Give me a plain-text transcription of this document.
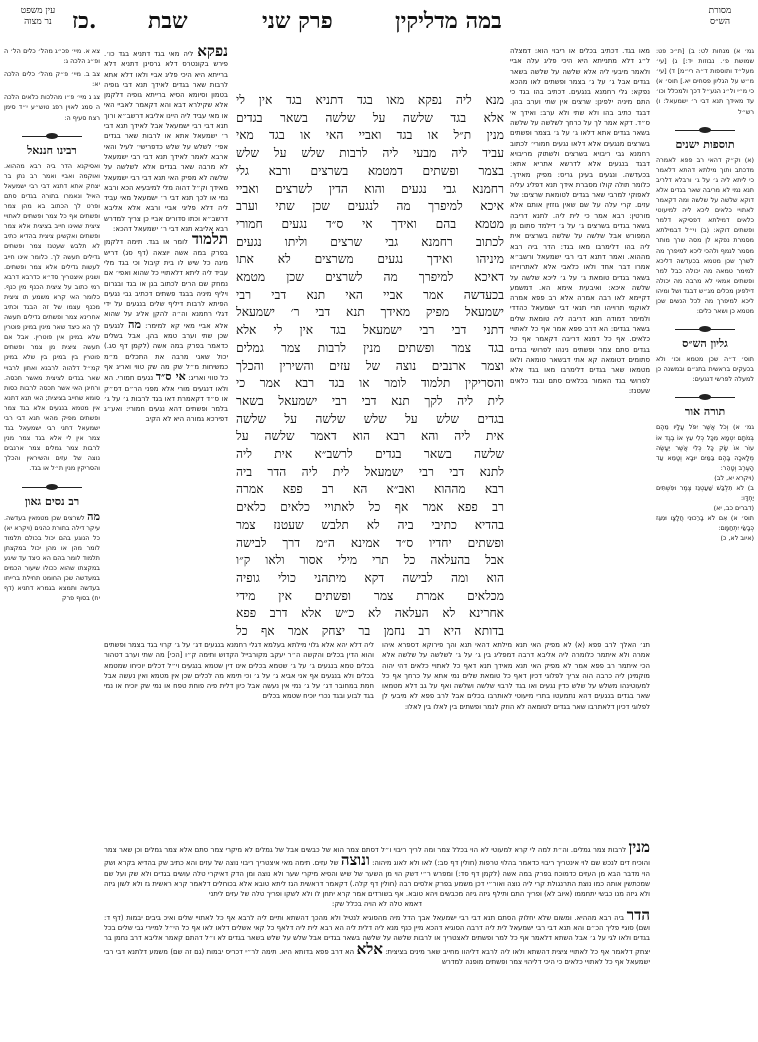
מסורת
הש״ס
במה מדליקין
פרק שני
שבת
כז.
עין משפט
נר מצוה

צא א. מיי׳ פכ״ג מהל׳ כלים הל׳ ה ופ״ג הלכה ג:

צב ב. מיי׳ פ״ק מהל׳ כלים הלכה יא:

צג ג מיי׳ פ״ו מהלכות כלאים הלכה ה סמג לאוין רפג טוש״ע י״ד סימן רצח סעיף ה:

רבינו חננאל

ואסיקנא הדר ביה רבא מההוא. ואוקמה ואביי ואמר רב נתן בר יצחק אתא דתנא דבי רבי ישמעאל האיל ונאמרו בתורה בגדים סתם ופרט לך הכתוב בא מהן צמר ופשתים אף כל צמר ופשתים לאתויי ציצית שאינו חייב בציצית אלא צמר ופשתים ואקשינן ציצית בהדיא כתיב לא תלבש שעטנז צמר ופשתים גדילים תעשה לך. כלומר אינו חייב לעשות גדילים אלא צמר ופשתים. ושנינן איצטריך סד״א כדרבא דרבא רמי כתוב על ציצית הכנף מין כנף. כלומר האי קרא משמע תו ציצית מכנף עצמו של זה הבגד וכתיב אחרינא צמר ופשתים גדילים תעשה לך הא כיצד שאר מינין במינן פוטרין שלא במינן אין פוטרין. אבל אם תעשה ציצית מן צמר ופשתים פוטרין בין במינן בין שלא במינן קמ״ל דלהוה לרבנא ואתון לרבויי שאר בגדים לציצית מאשר תכסה. ורחינן האי אשר תכסה לרבות כסות סומא שחייב בציצית; האי תנא דתנא אין מטמא בנגעים אלא בגד צמר ופשתים מפיק מהאי תנא דבי רבי ישמעאל דתני רבי ישמעאל בגד צמר אין לי אלא בגד צמר מנין לרבות צמר גמלים צמר ארנבים נוצה של עזים והשיראין והכלך והסריקין מנין ת״ל או בגד.

רב נסים גאון

מה לשרצים שכן מטמאין בעדשה. עיקר דילה בתורת כהנים (ויקרא יא) כל הנוגע בהם יכול בכולם תלמוד לומר מהן או מהן יכול במקצתן תלמוד לומר בהם הא כיצד עד שיגע במקצתו שהוא ככולו שיעור הכמים במעדשה שכן החומט תחילת ברייתו בעדשה ותמצא בגמרא דתניא (דף יח) בסוף פרק

נפקא ליה מאי בגד דתניא בגד כו׳. פירש בקונטרס דלא גרסינן דתניא דלא ברייתא היא היכי פליג אביי ולאו דלא אתא לרבות שאר בגדים לאידך תנא דבי גופיה בטמון וסיומא הסיא ברייתא גופיה דלקמן אלא שקילרא דבא והא דקאמר לאביי האי או מאי עביד ליה היינו אליבא דרשב״א ורוך תנא דבי רבי ישמעאל אבל לאידך תנא דבי ר׳ ישמעאל אתא או לרבות שאר בגדים אפי׳ לשלש על שלש כדפרישי׳ לעיל והאי ארבא לאמר לאידך תנא דבי רבי ישמעאל לא מרבה שאר בגדים אלא לשלשה על שלשה לא מפיק האי תנא דבי רבי ישמעאל מאידך וק״ל דהוה מלי למיבעיא הכא ורבא נמי או לכך תנא דבי ר׳ ישמעאל מאי עביד ליה דלא פליגי אביי ורבא אלא אליבא דרשב״א וכתו סדורים אביי כן צריך למדרש רבא אליבא תנא דבי ר׳ ישמעאל דהכא:

תלמוד לומר או בגד. תימה דלקמן בפרק במה אשה יוצאה (דף סג) דריש מינה כל שיש לו בית קיבול וכי בגד מלי עביד ליה ליתא דלאתויי כל שהוא ואפי׳ אם נמחק שם הרים לכתוב בגן או בגד ובגרום ויליף מיניה בבגד פשתים דכתיב גבי נגעים הפיתא לרבות דיליף שלים בנגעים על ידי דגלי רחמנא וה״ה להקן אליג על שהוא אלא אביי מאי קא למימר: מה לנגעים שכן שתי וערב טמא בהן. אבל בשלים כדאמר בפרק במה אשה (לקמן דף סג.) יכול שאני מרבה את התכלים מ״מ כמשיחות מ״ל שק מה שק טווי ואריג אף כל טווי ואריג: אי ס״ד נגעים חמורי. הא ולאו דנגעים מורי אלא מפני הר״ם דס״ק או ס״ד דקאמרת דאו בגד לרבות ג׳ על ג׳ בלמר ופשתים דהא נגעים חמורי: ואע״ג דפירכא גמורה היא לא הקיב

מנא ליה נפקא מאו בגד דתניא בגד אין לי
אלא בגד שלשה על שלשה בשאר בגדים
מנין ת״ל או בגד ואביי האי או בגד מאי
עביד ליה מבעי ליה לרבות שלש על שלש
בצמר ופשתים דמטמא בשרצים ורבא גלי
רחמנא גבי נגעים והוא הדין לשרצים ואביי
איכא למיפרך מה לנגעים שכן שתי וערב
מטמא בהם ואידך אי ס״ד נגעים חמורי
לכתוב רחמנא גבי שרצים וליתו נגעים
מיניהו ואידך נגעים משרצים לא אתו
דאיכא למיפרך מה לשרצים שכן מטמא
בכעדשה אמר אביי האי תנא דבי רבי
ישמעאל מפיק מאידך תנא דבי ר׳ ישמעאל
דתני דבי רבי ישמעאל בגד אין לי אלא
בגד צמר ופשתים מנין לרבות צמר גמלים
וצמר ארנבים נוצה של עזים והשירין והכלך
והסריקין תלמוד לומר או בגד רבא אמר כי
לית ליה לקך תנא דבי רבי ישמעאל בשאר
בגדים שלש על שלש שלשה על שלשה
אית ליה והא רבא הוא דאמר שלשה על
שלשה בשאר בגדים לרשב״א אית ליה
לתנא דבי רבי ישמעאל לית ליה הדר ביה
רבא מההוא ואב״א הא רב פפא אמרה
רב פפא אמר אף כל לאתויי כלאים כלאים
בהדיא כתיבי ביה לא תלבש שעטנז צמר
ופשתים יחדיו ס״ד אמינא ה״מ דרך לבישה
אבל בהעלאה כל תרי מילי אסור ולאו ק״ו
הוא ומה לבישה דקא מיתהני כולי גופיה
מכלאים אמרת צמר ופשתים אין מידי
אחרינא לא העלאה לא כ״ש אלא דרב פפא
בדותא היא רב נחמן בר יצחק אמר אף כל

מאו בגד. דכתיב בכלים או ריבוי הוא: דמצלה ל״ג דלא מתנייתא היא היכי פליג עלה אביי ולאמר מיבעי ליה אלא שלשה על שלשה בשאר בגדים אבל ג׳ על ג׳ בצמר ופשתים לאו מהכא נפקא: גלי רחמנא בנגעים. דכתיב בהו בגד כי התם מיניה ילפינן: שרצים אין שתי וערב בהן. דבגד כתיב בהו ולא שתי ולא ערב: ואידך אי ס״ד. דקא אמר לך על כרחך לשלשה על שלשה בשאר בגדים אתא דלאו ג׳ על ג׳ בצמר ופשתים בשרצים מנגעים אלא דלאו נגעים חמורי׳ לכתוב רחמנא גבי ריבויא בשרצים ולשתוק מריבויא דבגד בנגעים אלא לדרשא אתריא אתא: בכעדשה. ונגעים בעינן גריס: מפיק מאידך. כלומר תולה קולו מסברת אידך תנא דפליג עליה לאפוקי למרבי שאר בגדים לטומאת שרצים: של עזים. קרי עלה על שם שאין גוזזין אותם אלא מורטין: רבא אמר כי לית ליה. לתנא דריבה בשאר בגדים בשרצים ג׳ על ג׳ דילמד סתום מן המפורש אבל שלשה על שלשה בשרצים אית ליה בהו דלימרבו מאו בגד: הדר ביה רבא מההוא. ואמר דתנא דבי רבי ישמעאל ורשב״א אמרו דבר אחד ולאו כלאבי אלא לאתרוייהו בשאר בגדים טומאת ג׳ על ג׳ ליכא שלשה על שלשה איכא: ואיבעית אימא הא. דמשמע דקיימא לאו רבה אמרה אלא רב פפא אמרה לאוקמי תרוייהו תרי תנאי דבי ישמעאל כהדדי ולמימר דמודה תנא דריבה ליה טומאת שלים בשאר בגדים: הא דרב פפא אמר אף כל לאתויי כלאים. אף כל דמנא דריבה דקאמר אף כל בגדים סתם צמר ופשתים נינהו לפרושי בגדים סתומים דטומאה קא אתי דבשאר טומאה ולאו מטמאו שאר בגדים דלימרבו מאו בגד אלא לפרושי בגד האמור בכלאים סתם ובגד כלאים שעטנז:

גמ׳ א) מנחות לט: ב) [ת״כ פט: שמושת פ׳. נבוזות יד:] ג) [עי׳ מעל״ד ותוספות ד״ה רי״מ] ד) [עי׳ מ״ש על הגליון פסחים יא.] תוס׳ א) כי מ״י ול״נ הנע״ל דכך ולמכלל וכו׳ עד מאידך תנא דבי ר׳ ישמעאל: ו) רש״ל

תוספות ישנים

(א) וק״ק דהאי רב פפא לאמרה מדכתב ותוך מילתא דהתא דלאמר כי ליתא ליה ג׳ על ג׳ ורבלא דלריב תנא נמי לא מריבה שאר בגדים אלא דוקא שלשה על שלשה ומה דקאמר לאתויי כלאים ליכא ליה למיעוטי כלאים דמילתא דפסיקא דלמר ופשתים דוקא: (ב) וי״ל דבמילתא מסמרת נפקא לן מסה שרך מותר מסמר לנמף ולהכי ליכא למיפרך מה לשרך שכן מטמא בכעדשה דליכא למימר טמאה מה יכולה כבל למר ופשתים אמאי לא מרבה מה יכולה דילפינן מכלים מג״ש דבגד ושל ומיהו ליכא למיפרך מה לכל הנשים שכן מטמא כן ושאר כלים:

גליון הש״ס

תוס׳ ד״ה שכן מטמא וכו׳ ולא בכעקים בראשית בתנ״ם ובמשנה כן למעלה לפרשי דנגעים:

תורה אור

גמ׳ א) וְכֹל אֲשֶׁר יִפֹּל עָלָיו מֵהֶם בְּמֹתָם יִטְמָא מִכָּל כְּלִי עֵץ אוֹ בֶגֶד אוֹ עוֹר אוֹ שָׂק כָּל כְּלִי אֲשֶׁר יֵעָשֶׂה מְלָאכָה בָּהֶם בַּמַּיִם יוּבָא וְטָמֵא עַד הָעֶרֶב וְטָהֵר:

(ויקרא יא, לב)

ב) לֹא תִלְבַּשׁ שַׁעַטְנֵז צֶמֶר וּפִשְׁתִּים יַחְדָּו:

(דברים כב, יא)

תוס׳ א) אִם לֹא בָרֵכוּנִי חֲלָצָו וּמִגֵּז כְּבָשַׂי יִתְחַמָּם:

(איוב לא, כ)

ליה דלא יהא אלא גלוי מילתא בעלמא דגלי רחמנא בנגעים דג׳ על ג׳ קרוי בגד בצמר ופשתים והוא הדין בכלים והקשה ה״ר יעקב מקורבייל הקדוש ותימה ק״ו [הכי] מה שתי וערב דטהור בכלים טמא בנגעים ג׳ על ג׳ שטמא בכלים אינו דין שטמא בנגעים וי״ל דכלים יוכיחו שמטמא בכלים ולא בנגעים אף אני אביא ג׳ על ג׳ וכי תימא מה לכלים שכן אין מטמא ואין נעשה אבל חמת במחובר דג׳ על ג׳ נמי אין נעשה אבל כיון דלית פיה פוחת טפח או נמי שק יוכיח או נמי בגד לבוע ובגד נכרי יוכיח שטמא בכלים

תנ׳ האלך לרב פפא (א) לא מפיק האי תנא מילתא דהאי תנא והך פירוקא דספרא איהו אמרה ולא איתמר כלומרה ליה אליבא דרבה דמפליג בין ג׳ על ג׳ לשלשה על שלשה אלא הכי איתמר רב פפא אמר לא מפיק האי תנא מאידך תנא דאף כל לאתויי כלאים דהי יהוה מוקמינן ליה כרבה הוה צריך לפלוגי דכיון דאף כל טומאת שלים נמי אתא על כרחך אף כל למעוטינהו משלש על שלש כדין נגעים ואו בגד לרבוי שלשה ושלשה ואף על גב דלא מטמאו שאר בגדים בנגעים דהא נתמעטו בתרי מיעוטי לאותרבו בכלים אבל לרב פפא לא מיבעי לן לפלוגי דכיון דלאתרבו שאר בגדים לטומאה לא הוזק לנמר ופשתים בין לאלו בין לאלו:

מנין לרבות צמר גמלים. וה״ת למה לי קרא למעוטי לא הוי בכלל צמר ומה לריך ריבוי ו״ל דסתם צמר הוא של כבשים אבל של גמלים לא מיקרי צמר סתם אלא צמר גמלים וכן שאר צמר והוכיח דים לנכש שם לוי אינטריך ריבוי כדאמר בהלוי טרפות (חולין דף סב:) לאו ולא לאוג מיהוה: ונוצה של עזים. תימה מאי איצטריך ריבוי נוצה של עזים והא כתיב שק בהדיא בקרא ושק הוי מדבר הבא מן העזים כדמוכח בפרק במה אשה (לקמן דף סד:) ומפרש ר״י דשק הוי מן השער של שיש והסיא מיקרי שער ולא נוצה ומן הדק דאיקרי טלה עושים בגדים ולא שק ועל שם שמכתשין אותה כמו נוצת התרנגולת קרי ליה נוצה ואור״י דכן משמע בפרק אלסים רבה (חולין דף קלה.) דקאמר דראשית הגז ליתא טובא אלא בכוחלים דלאמר קרא ראשית גז ולא לשון גיזה ולא גיזה מנו כבשי יתחממו (איוב לא) ופריך התם ותילף גיזה גיזה מכבשים ויהא טובא. אף בשורדים אמר קרא יתחן לו ולא לשקו ופריך טלה של עזים ליתני

דאמא טלה לא הויה בכלל שק:

הדר ביה רבא מההיא. ומשום שלא יחלוק הסתם תנא דבי רבי ישמעאל אבך הדל מיה מהסוגיא לנטיל ולא מהכך דהשתא ותיים ליה לרבא אף כל לאתויי שלים ואיכ ביבים יבמות (דף ד: ושם) סוגיי פליך הכ״ם והא תנא דבי רבי ישמעאל לית ליה דרבה הסוגיא דהכא מיין כנף מנא ליה דלית ליה הא רבא לית ליה דלאף כל קאי אשלים דלאו לאו אף כל הי״ל למיירי גבי שלים בכל בגדים ולאו לגי על ג׳ אבל השתא דלאמר אף כל למר ופשתים לאצטריך או לרבות שלשה על שלשה בשאר בגדים אבל שלש על שלש בשאר בגדים לא ו״ל דהתם קאמר אליבא דרב נחמן בר יצחק דלאמר אף כל לאתויי ציצית דהשתא ולאו ליה לרבא דליהוו מחייב שאר מינים בציצית: אלא הא דרב פפא בדותא היא. תימה לר״י דכריס יבמות (גם זה שם) משמע דלתנא דבי רבי ישמעאל אף כל לאתויי כלאים כי היכי דליהוי צמר ופשתים מופנה למדרש
